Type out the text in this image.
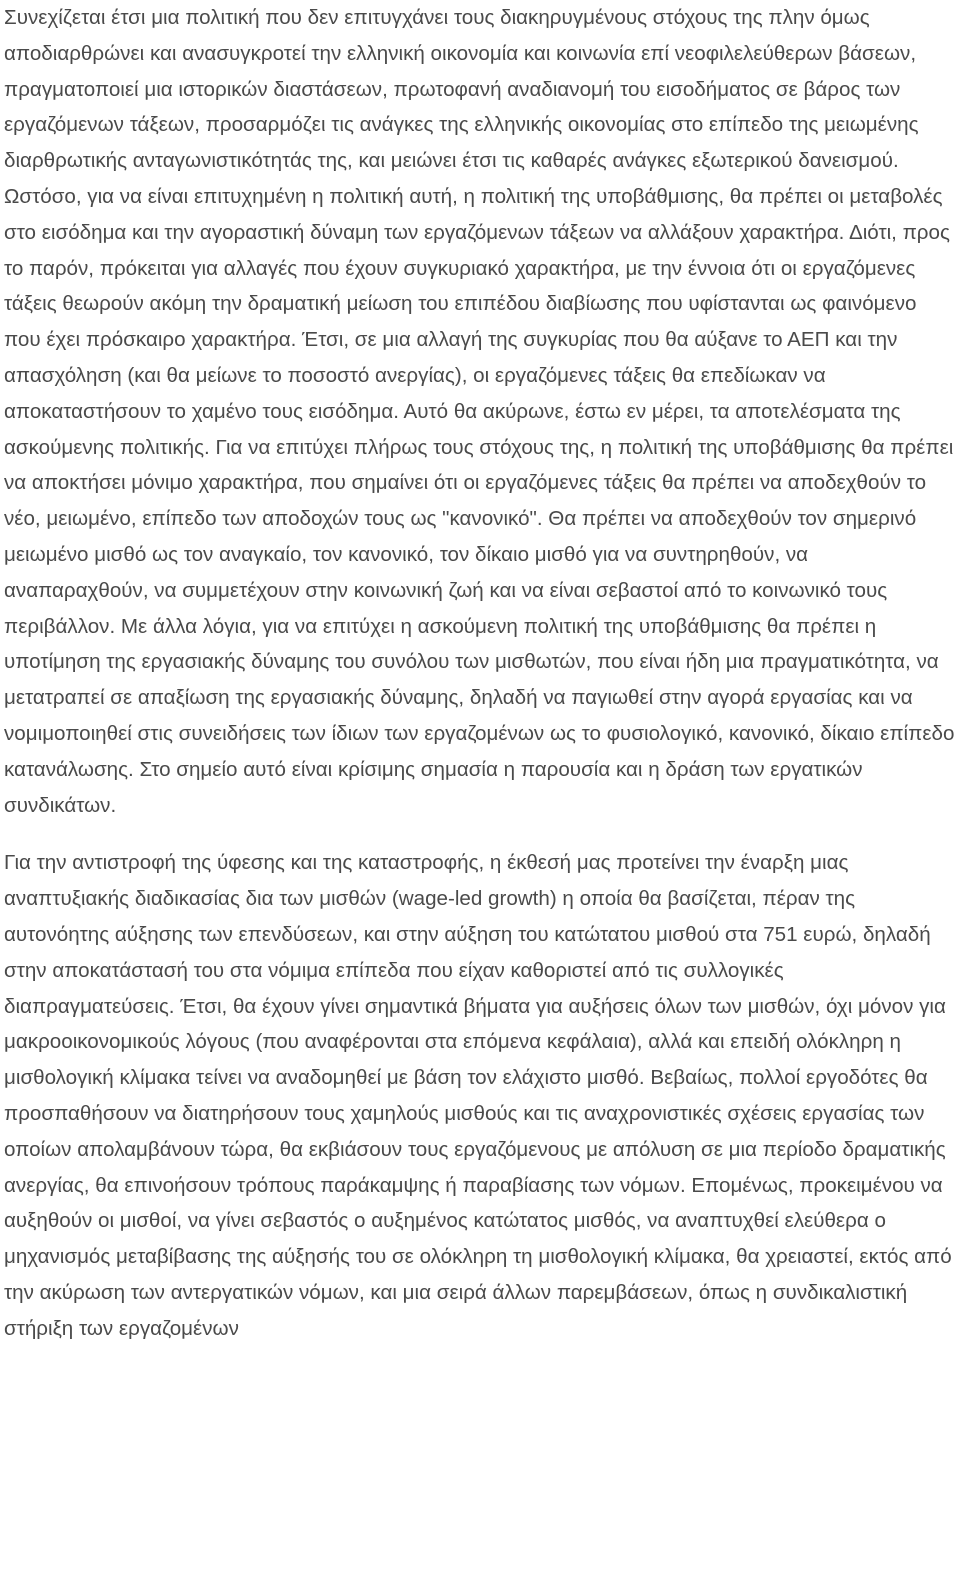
Συνεχίζεται έτσι μια πολιτική που δεν επιτυγχάνει τους διακηρυγμένους στόχους της πλην όμως αποδιαρθρώνει και ανασυγκροτεί την ελληνική οικονομία και κοινωνία επί νεοφιλελεύθερων βάσεων, πραγματοποιεί μια ιστορικών διαστάσεων, πρωτοφανή αναδιανομή του εισοδήματος σε βάρος των εργαζόμενων τάξεων, προσαρμόζει τις ανάγκες της ελληνικής οικονομίας στο επίπεδο της μειωμένης διαρθρωτικής ανταγωνιστικότητάς της, και μειώνει έτσι τις καθαρές ανάγκες εξωτερικού δανεισμού. Ωστόσο, για να είναι επιτυχημένη η πολιτική αυτή, η πολιτική της υποβάθμισης, θα πρέπει οι μεταβολές στο εισόδημα και την αγοραστική δύναμη των εργαζόμενων τάξεων να αλλάξουν χαρακτήρα. Διότι, προς το παρόν, πρόκειται για αλλαγές που έχουν συγκυριακό χαρακτήρα, με την έννοια ότι οι εργαζόμενες τάξεις θεωρούν ακόμη την δραματική μείωση του επιπέδου διαβίωσης που υφίστανται ως φαινόμενο που έχει πρόσκαιρο χαρακτήρα. Έτσι, σε μια αλλαγή της συγκυρίας που θα αύξανε το ΑΕΠ και την απασχόληση (και θα μείωνε το ποσοστό ανεργίας), οι εργαζόμενες τάξεις θα επεδίωκαν να αποκαταστήσουν το χαμένο τους εισόδημα. Αυτό θα ακύρωνε, έστω εν μέρει, τα αποτελέσματα της ασκούμενης πολιτικής. Για να επιτύχει πλήρως τους στόχους της, η πολιτική της υποβάθμισης θα πρέπει να αποκτήσει μόνιμο χαρακτήρα, που σημαίνει ότι οι εργαζόμενες τάξεις θα πρέπει να αποδεχθούν το νέο, μειωμένο, επίπεδο των αποδοχών τους ως "κανονικό". Θα πρέπει να αποδεχθούν τον σημερινό μειωμένο μισθό ως τον αναγκαίο, τον κανονικό, τον δίκαιο μισθό για να συντηρηθούν, να αναπαραχθούν, να συμμετέχουν στην κοινωνική ζωή και να είναι σεβαστοί από το κοινωνικό τους περιβάλλον. Με άλλα λόγια, για να επιτύχει η ασκούμενη πολιτική της υποβάθμισης θα πρέπει η υποτίμηση της εργασιακής δύναμης του συνόλου των μισθωτών, που είναι ήδη μια πραγματικότητα, να μετατραπεί σε απαξίωση της εργασιακής δύναμης, δηλαδή να παγιωθεί στην αγορά εργασίας και να νομιμοποιηθεί στις συνειδήσεις των ίδιων των εργαζομένων ως το φυσιολογικό, κανονικό, δίκαιο επίπεδο κατανάλωσης. Στο σημείο αυτό είναι κρίσιμης σημασία η παρουσία και η δράση των εργατικών συνδικάτων.

Για την αντιστροφή της ύφεσης και της καταστροφής, η έκθεσή μας προτείνει την έναρξη μιας αναπτυξιακής διαδικασίας δια των μισθών (wage-led growth) η οποία θα βασίζεται, πέραν της αυτονόητης αύξησης των επενδύσεων, και στην αύξηση του κατώτατου μισθού στα 751 ευρώ, δηλαδή στην αποκατάστασή του στα νόμιμα επίπεδα που είχαν καθοριστεί από τις συλλογικές διαπραγματεύσεις. Έτσι, θα έχουν γίνει σημαντικά βήματα για αυξήσεις όλων των μισθών, όχι μόνον για μακροοικονομικούς λόγους (που αναφέρονται στα επόμενα κεφάλαια), αλλά και επειδή ολόκληρη η μισθολογική κλίμακα τείνει να αναδομηθεί με βάση τον ελάχιστο μισθό. Βεβαίως, πολλοί εργοδότες θα προσπαθήσουν να διατηρήσουν τους χαμηλούς μισθούς και τις αναχρονιστικές σχέσεις εργασίας των οποίων απολαμβάνουν τώρα, θα εκβιάσουν τους εργαζόμενους με απόλυση σε μια περίοδο δραματικής ανεργίας, θα επινοήσουν τρόπους παράκαμψης ή παραβίασης των νόμων. Επομένως, προκειμένου να αυξηθούν οι μισθοί, να γίνει σεβαστός ο αυξημένος κατώτατος μισθός, να αναπτυχθεί ελεύθερα ο μηχανισμός μεταβίβασης της αύξησής του σε ολόκληρη τη μισθολογική κλίμακα, θα χρειαστεί, εκτός από την ακύρωση των αντεργατικών νόμων, και μια σειρά άλλων παρεμβάσεων, όπως η συνδικαλιστική στήριξη των εργαζομένων
